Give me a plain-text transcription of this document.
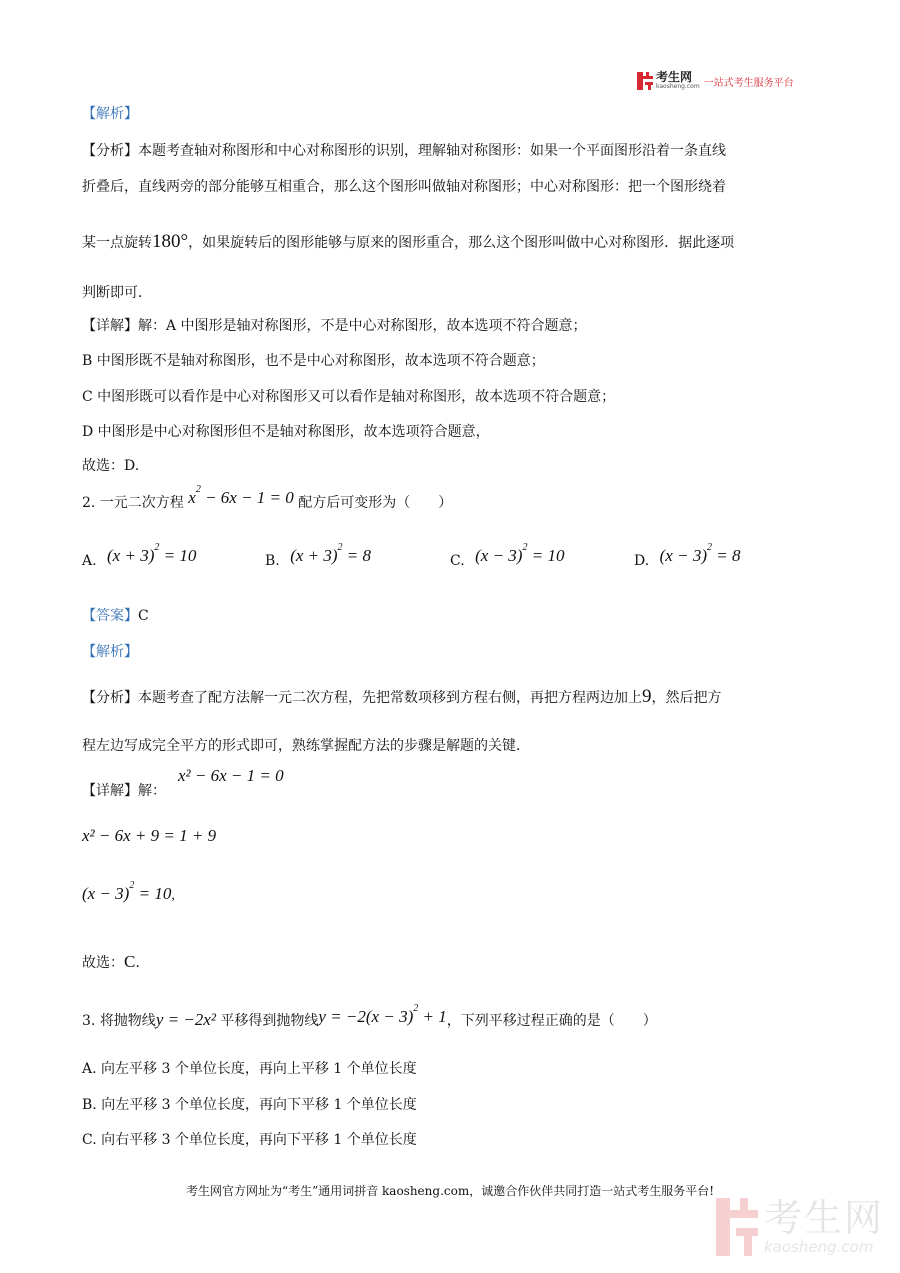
考生网
kaosheng.com 一站式考生服务平台
【解析】
【分析】本题考查轴对称图形和中心对称图形的识别，理解轴对称图形：如果一个平面图形沿着一条直线
折叠后，直线两旁的部分能够互相重合，那么这个图形叫做轴对称图形；中心对称图形：把一个图形绕着
某一点旋转180°，如果旋转后的图形能够与原来的图形重合，那么这个图形叫做中心对称图形．据此逐项
判断即可．
【详解】解：A 中图形是轴对称图形，不是中心对称图形，故本选项不符合题意；
B 中图形既不是轴对称图形，也不是中心对称图形，故本选项不符合题意；
C 中图形既可以看作是中心对称图形又可以看作是轴对称图形，故本选项不符合题意；
D 中图形是中心对称图形但不是轴对称图形，故本选项符合题意，
故选：D.
2. 一元二次方程 $x^2 - 6x - 1 = 0$ 配方后可变形为（　　）
A. $(x + 3)^2 = 10$	B. $(x + 3)^2 = 8$	C. $(x - 3)^2 = 10$	D. $(x - 3)^2 = 8$
【答案】C
【解析】
【分析】本题考查了配方法解一元二次方程，先把常数项移到方程右侧，再把方程两边加上9，然后把方
程左边写成完全平方的形式即可，熟练掌握配方法的步骤是解题的关键．
【详解】解：
x² − 6x − 1 = 0
x² − 6x + 9 = 1 + 9
$(x - 3)^2 = 10$,
故选：C.
3. 将抛物线y = −2x² 平移得到抛物线$y = -2(x - 3)^2 + 1$，下列平移过程正确的是（　　）
A. 向左平移 3 个单位长度，再向上平移 1 个单位长度
B. 向左平移 3 个单位长度，再向下平移 1 个单位长度
C. 向右平移 3 个单位长度，再向下平移 1 个单位长度
考生网官方网址为“考生”通用词拼音 kaosheng.com，诚邀合作伙伴共同打造一站式考生服务平台!
考生网
kaosheng.com
